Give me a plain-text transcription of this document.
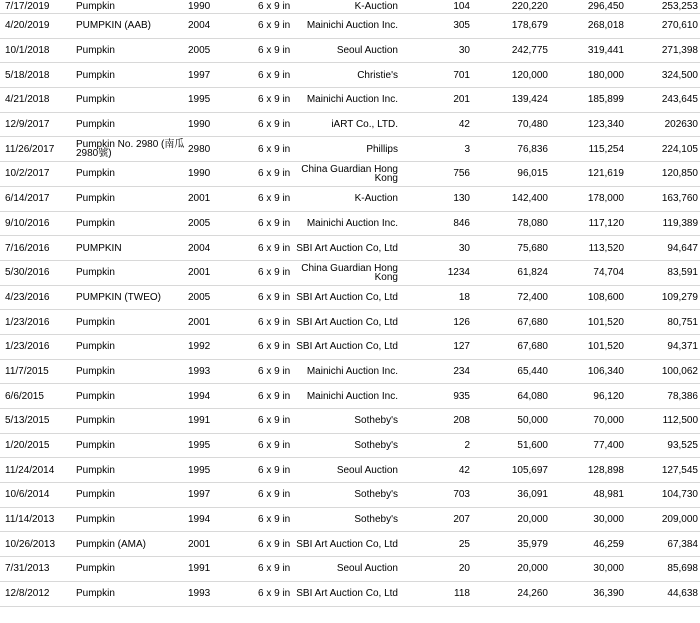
7/17/2019	Pumpkin	1990	6 x 9 in	K-Auction	104	220,220	296,450	253,253
4/20/2019	PUMPKIN (AAB)	2004	6 x 9 in	Mainichi Auction Inc.	305	178,679	268,018	270,610
10/1/2018	Pumpkin	2005	6 x 9 in	Seoul Auction	30	242,775	319,441	271,398
5/18/2018	Pumpkin	1997	6 x 9 in	Christie's	701	120,000	180,000	324,500
4/21/2018	Pumpkin	1995	6 x 9 in	Mainichi Auction Inc.	201	139,424	185,899	243,645
12/9/2017	Pumpkin	1990	6 x 9 in	iART Co., LTD.	42	70,480	123,340	202630
11/26/2017 Pumpkin No. 2980 (南瓜 2980號)	2980	6 x 9 in	Phillips	3	76,836	115,254	224,105
10/2/2017	Pumpkin	1990	6 x 9 in	China Guardian Hong Kong	756	96,015	121,619	120,850
6/14/2017	Pumpkin	2001	6 x 9 in	K-Auction	130	142,400	178,000	163,760
9/10/2016	Pumpkin	2005	6 x 9 in	Mainichi Auction Inc.	846	78,080	117,120	119,389
7/16/2016	PUMPKIN	2004	6 x 9 in SBI Art Auction Co, Ltd	30	75,680	113,520	94,647
5/30/2016	Pumpkin	2001	6 x 9 in	China Guardian Hong Kong	1234	61,824	74,704	83,591
4/23/2016	PUMPKIN (TWEO)	2005	6 x 9 in SBI Art Auction Co, Ltd	18	72,400	108,600	109,279
1/23/2016	Pumpkin	2001	6 x 9 in SBI Art Auction Co, Ltd	126	67,680	101,520	80,751
1/23/2016	Pumpkin	1992	6 x 9 in SBI Art Auction Co, Ltd	127	67,680	101,520	94,371
11/7/2015	Pumpkin	1993	6 x 9 in	Mainichi Auction Inc.	234	65,440	106,340	100,062
6/6/2015	Pumpkin	1994	6 x 9 in	Mainichi Auction Inc.	935	64,080	96,120	78,386
5/13/2015	Pumpkin	1991	6 x 9 in	Sotheby's	208	50,000	70,000	112,500
1/20/2015	Pumpkin	1995	6 x 9 in	Sotheby's	2	51,600	77,400	93,525
11/24/2014 Pumpkin	1995	6 x 9 in	Seoul Auction	42	105,697	128,898	127,545
10/6/2014	Pumpkin	1997	6 x 9 in	Sotheby's	703	36,091	48,981	104,730
11/14/2013 Pumpkin	1994	6 x 9 in	Sotheby's	207	20,000	30,000	209,000
10/26/2013 Pumpkin (AMA)	2001	6 x 9 in SBI Art Auction Co, Ltd	25	35,979	46,259	67,384
7/31/2013	Pumpkin	1991	6 x 9 in	Seoul Auction	20	20,000	30,000	85,698
12/8/2012	Pumpkin	1993	6 x 9 in SBI Art Auction Co, Ltd	118	24,260	36,390	44,638
